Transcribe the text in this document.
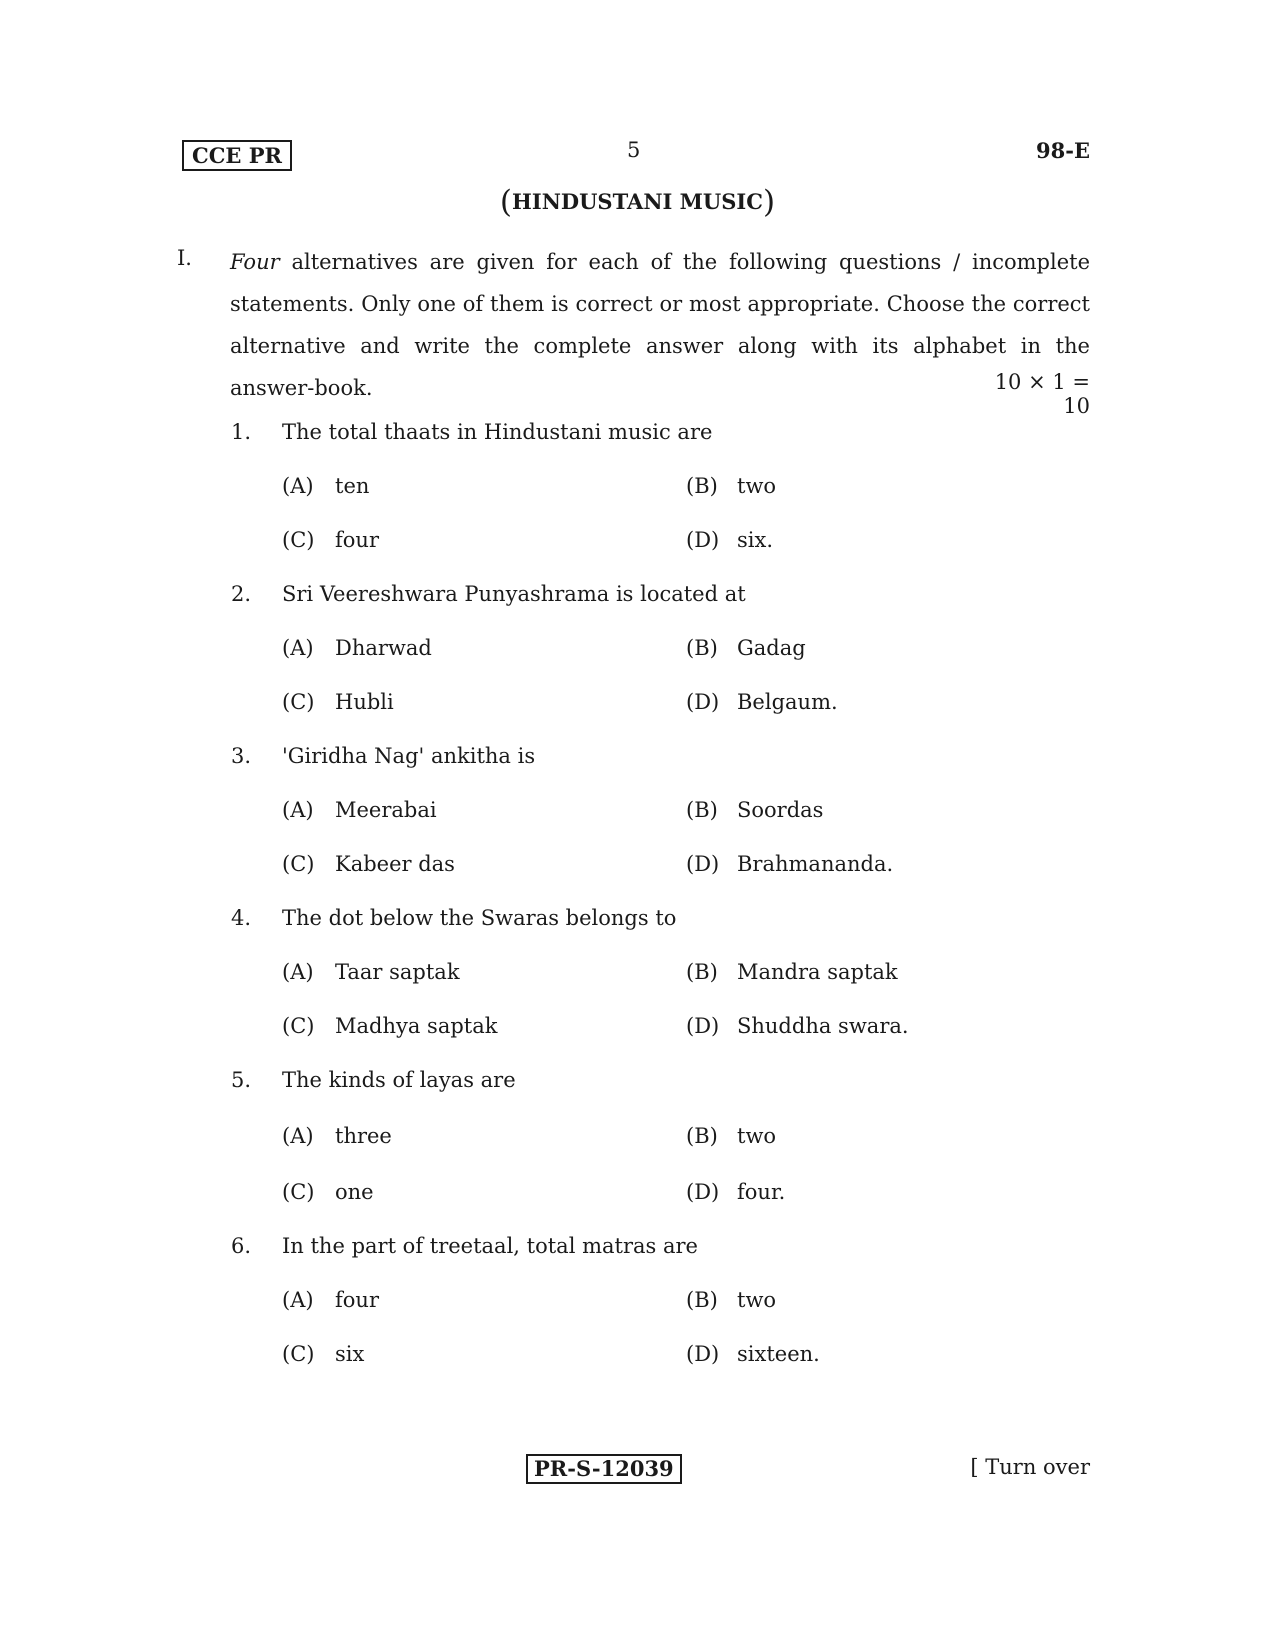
CCE PR	5	98-E
(HINDUSTANI MUSIC)
I. Four alternatives are given for each of the following questions / incomplete statements. Only one of them is correct or most appropriate. Choose the correct alternative and write the complete answer along with its alphabet in the answer-book.	10 × 1 = 10
1. The total thaats in Hindustani music are
(A) ten	(B) two
(C) four	(D) six.
2. Sri Veereshwara Punyashrama is located at
(A) Dharwad	(B) Gadag
(C) Hubli	(D) Belgaum.
3. 'Giridha Nag' ankitha is
(A) Meerabai	(B) Soordas
(C) Kabeer das	(D) Brahmananda.
4. The dot below the Swaras belongs to
(A) Taar saptak	(B) Mandra saptak
(C) Madhya saptak	(D) Shuddha swara.
5. The kinds of layas are
(A) three	(B) two
(C) one	(D) four.
6. In the part of treetaal, total matras are
(A) four	(B) two
(C) six	(D) sixteen.
PR-S-12039	[ Turn over
